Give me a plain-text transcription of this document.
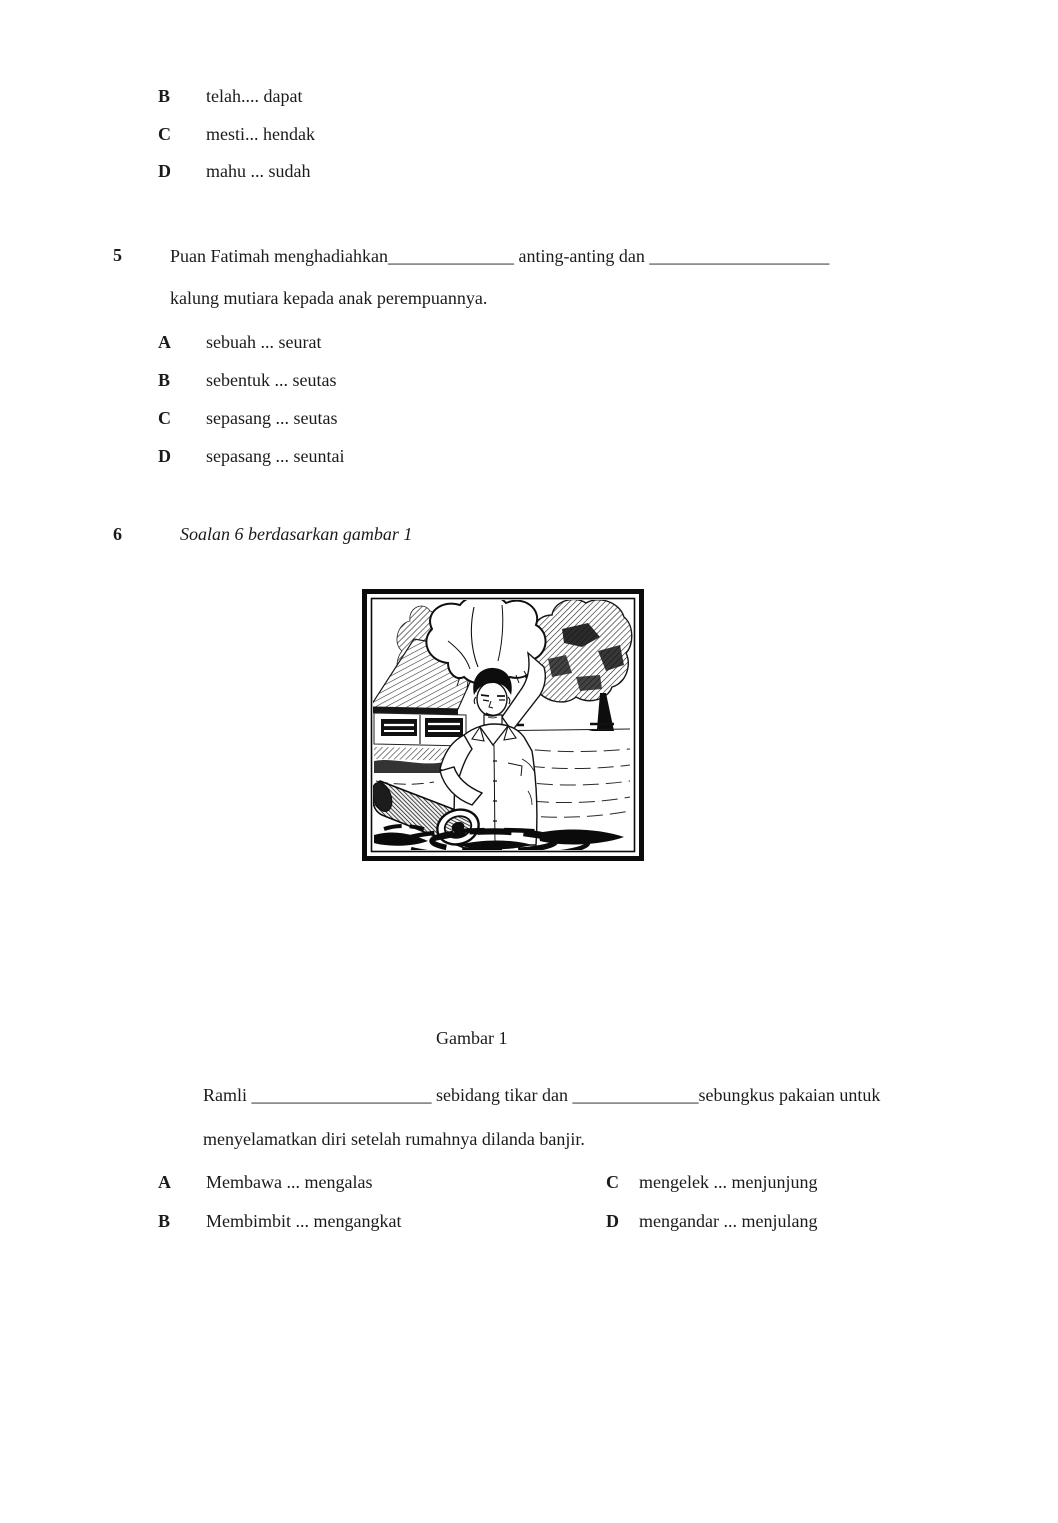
B telah.... dapat
C mesti... hendak
D mahu ... sudah
5	Puan Fatimah menghadiahkan______________ anting-anting dan ____________________
kalung mutiara kepada anak perempuannya.
A sebuah ... seurat
B sebentuk ... seutas
C sepasang ... seutas
D sepasang ... seuntai
6	Soalan 6 berdasarkan gambar 1
Gambar 1
Ramli ____________________ sebidang tikar dan ______________sebungkus pakaian untuk
menyelamatkan diri setelah rumahnya dilanda banjir.
A Membawa ... mengalas
B Membimbit ... mengangkat
C mengelek ... menjunjung
D mengandar ... menjulang
